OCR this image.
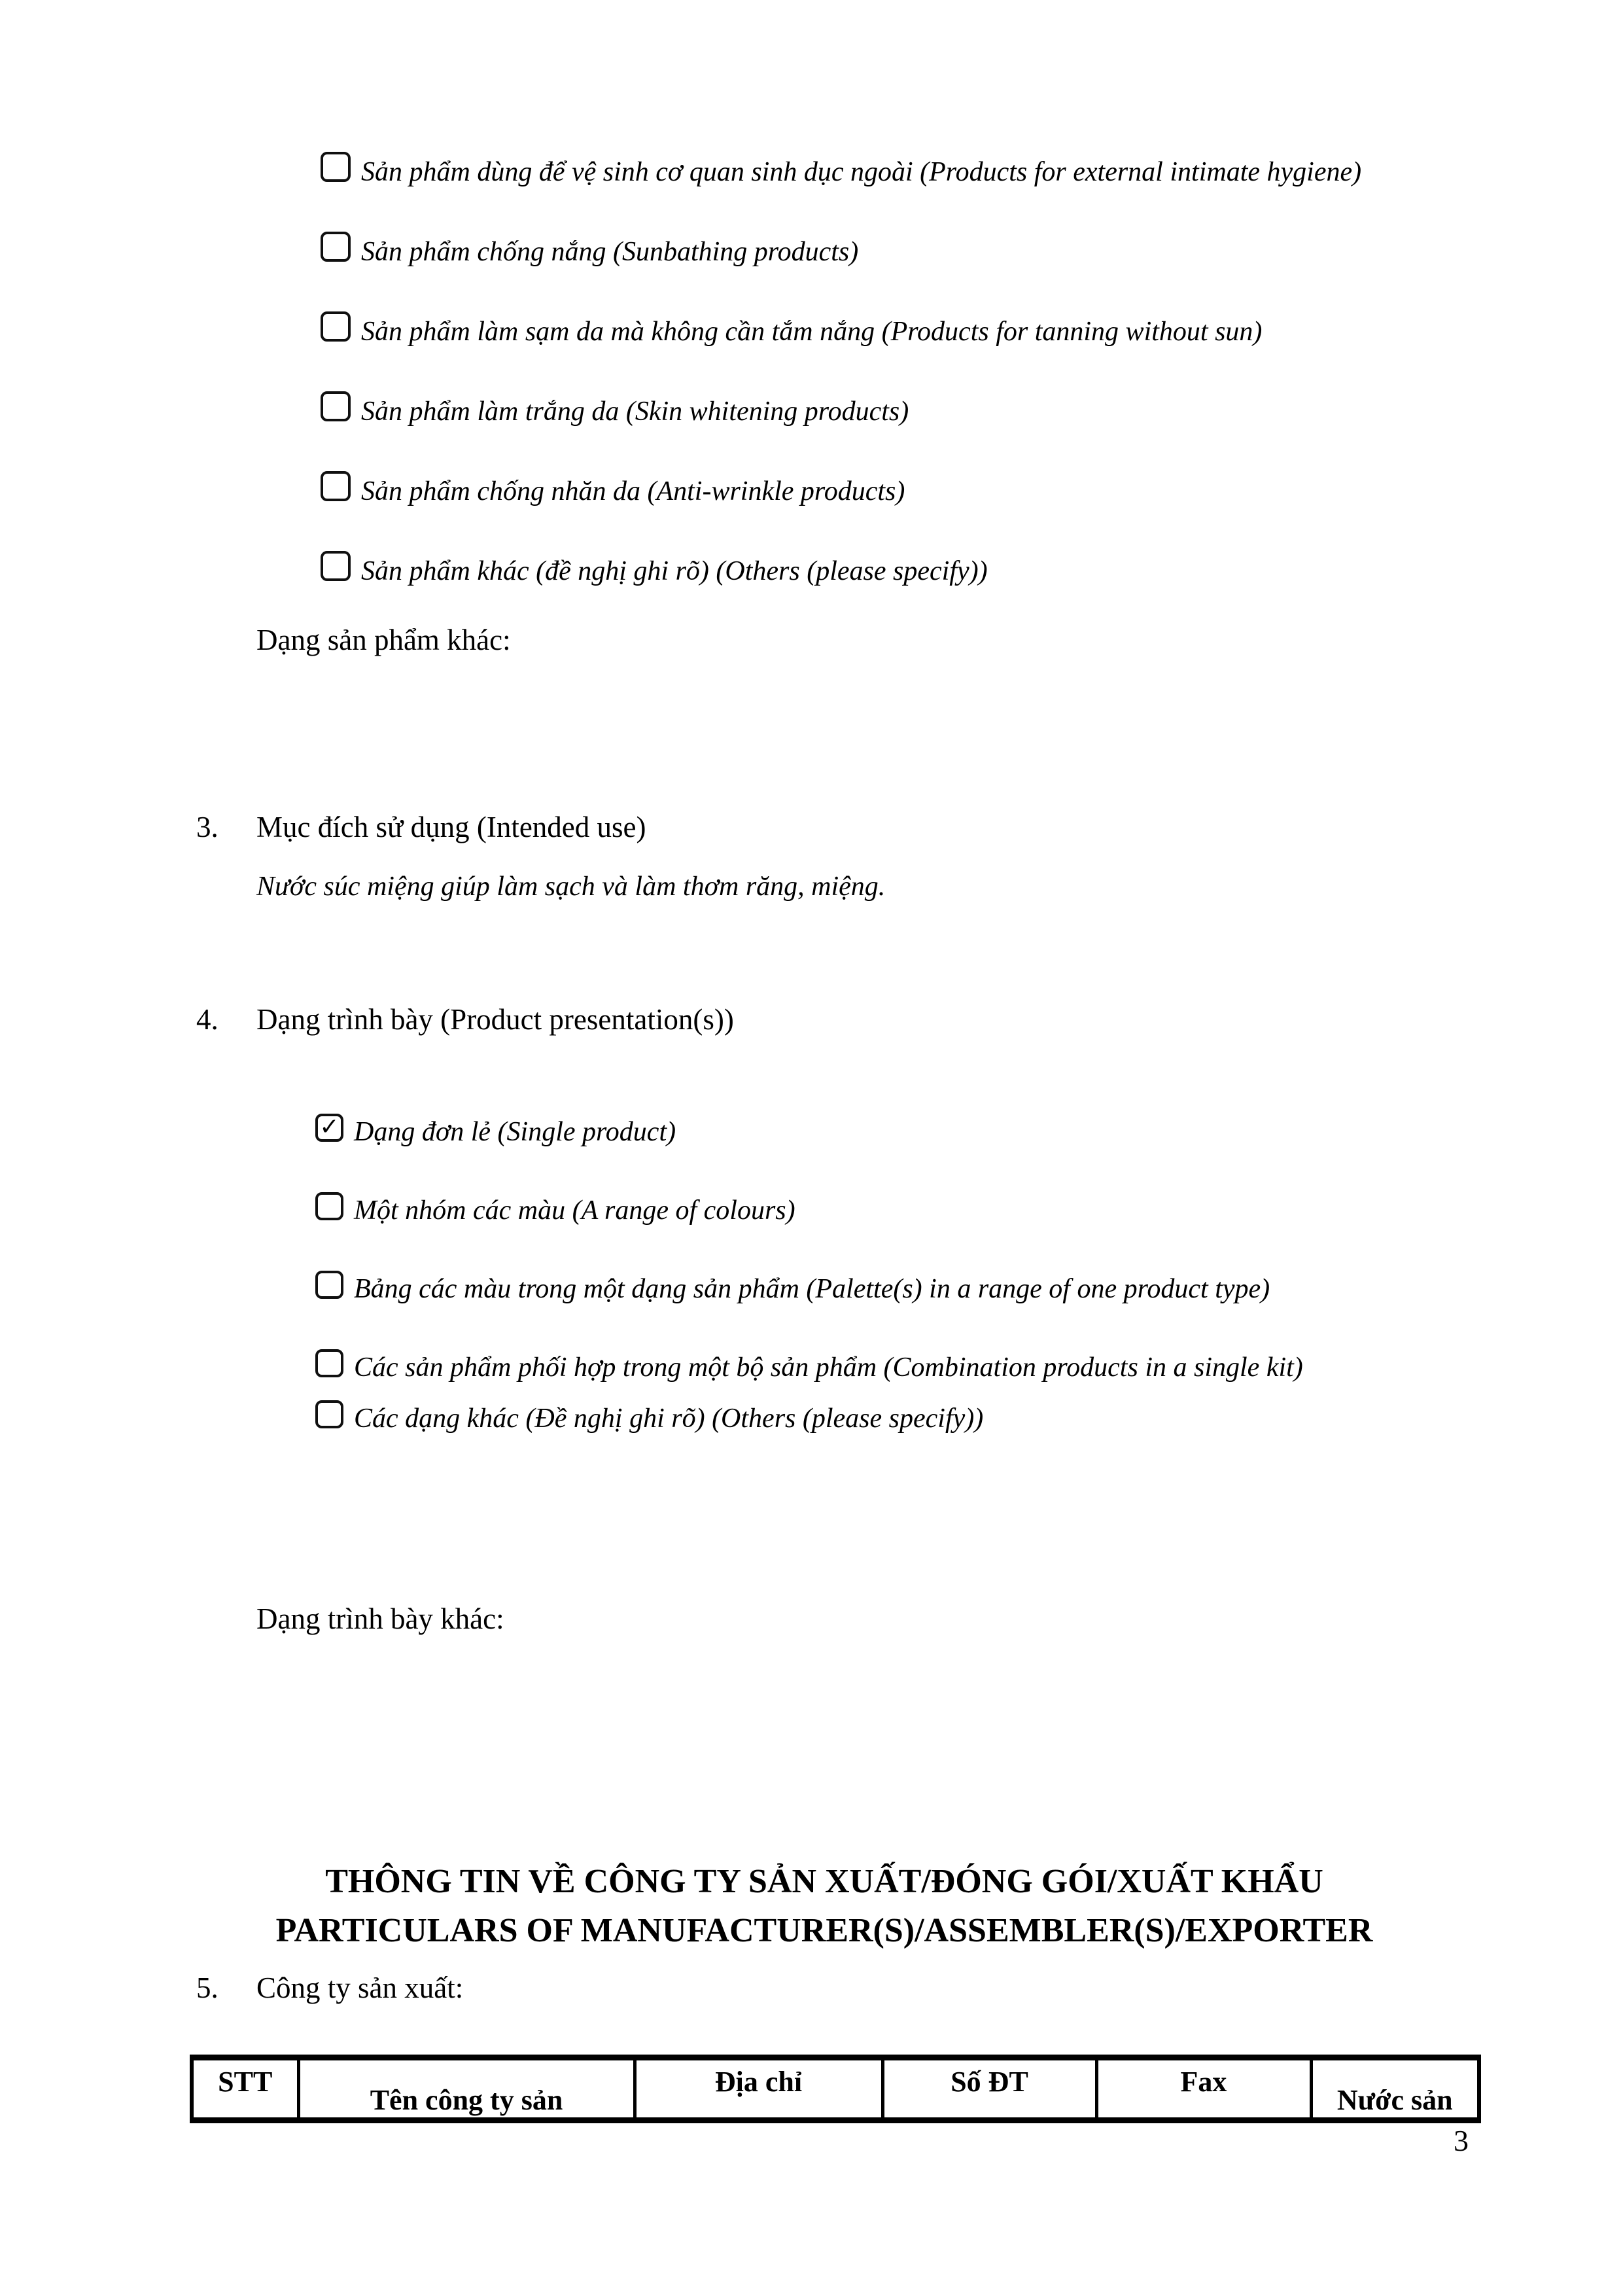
Sản phẩm dùng để vệ sinh cơ quan sinh dục ngoài (Products for external intimate hygiene)
Sản phẩm chống nắng (Sunbathing products)
Sản phẩm làm sạm da mà không cần tắm nắng (Products for tanning without sun)
Sản phẩm làm trắng da (Skin whitening products)
Sản phẩm chống nhăn da (Anti-wrinkle products)
Sản phẩm khác (đề nghị ghi rõ) (Others (please specify))
Dạng sản phẩm khác:
3. Mục đích sử dụng (Intended use)
Nước súc miệng giúp làm sạch và làm thơm răng, miệng.
4. Dạng trình bày (Product presentation(s))
✓ Dạng đơn lẻ (Single product)
Một nhóm các màu (A range of colours)
Bảng các màu trong một dạng sản phẩm (Palette(s) in a range of one product type)
Các sản phẩm phối hợp trong một bộ sản phẩm (Combination products in a single kit)
Các dạng khác (Đề nghị ghi rõ) (Others (please specify))
Dạng trình bày khác:
THÔNG TIN VỀ CÔNG TY SẢN XUẤT/ĐÓNG GÓI/XUẤT KHẨU
PARTICULARS OF MANUFACTURER(S)/ASSEMBLER(S)/EXPORTER
5. Công ty sản xuất:
STT	Tên công ty sản	Địa chỉ	Số ĐT	Fax	Nước sản
3
